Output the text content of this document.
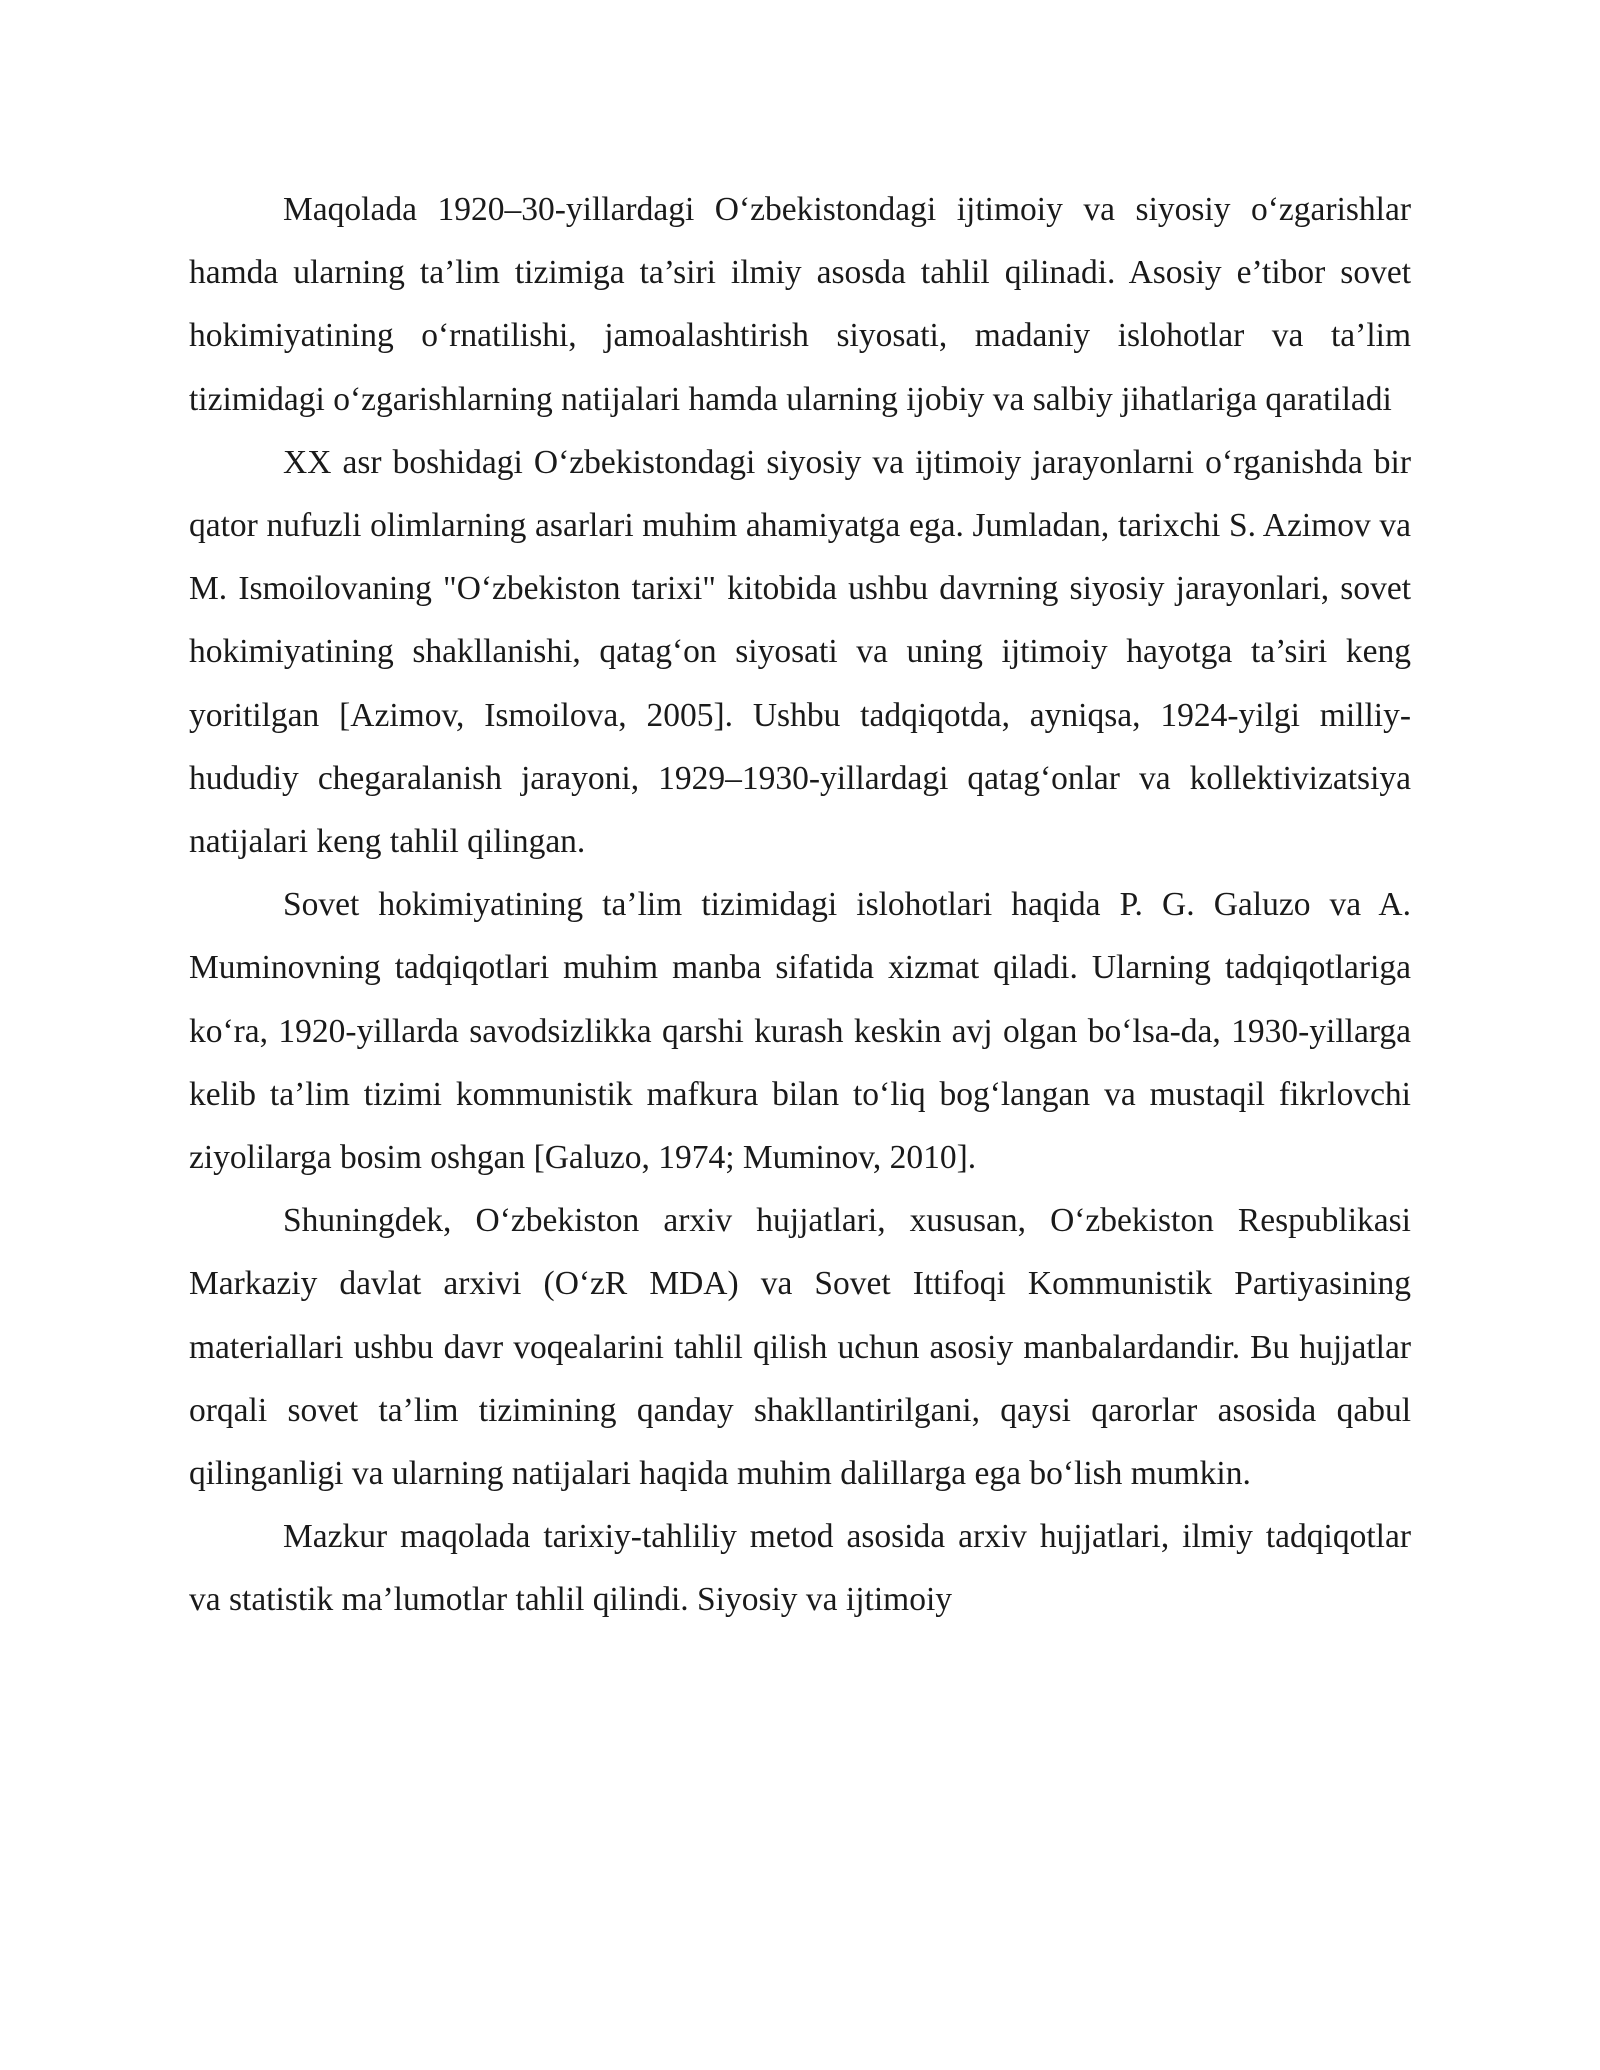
Maqolada 1920–30-yillardagi O‘zbekistondagi ijtimoiy va siyosiy o‘zgarishlar hamda ularning ta’lim tizimiga ta’siri ilmiy asosda tahlil qilinadi. Asosiy e’tibor sovet hokimiyatining o‘rnatilishi, jamoalashtirish siyosati, madaniy islohotlar va ta’lim tizimidagi o‘zgarishlarning natijalari hamda ularning ijobiy va salbiy jihatlariga qaratiladi

XX asr boshidagi O‘zbekistondagi siyosiy va ijtimoiy jarayonlarni o‘rganishda bir qator nufuzli olimlarning asarlari muhim ahamiyatga ega. Jumladan, tarixchi S. Azimov va M. Ismoilovaning "O‘zbekiston tarixi" kitobida ushbu davrning siyosiy jarayonlari, sovet hokimiyatining shakllanishi, qatag‘on siyosati va uning ijtimoiy hayotga ta’siri keng yoritilgan [Azimov, Ismoilova, 2005]. Ushbu tadqiqotda, ayniqsa, 1924-yilgi milliy-hududiy chegaralanish jarayoni, 1929–1930-yillardagi qatag‘onlar va kollektivizatsiya natijalari keng tahlil qilingan.

Sovet hokimiyatining ta’lim tizimidagi islohotlari haqida P. G. Galuzo va A. Muminovning tadqiqotlari muhim manba sifatida xizmat qiladi. Ularning tadqiqotlariga ko‘ra, 1920-yillarda savodsizlikka qarshi kurash keskin avj olgan bo‘lsa-da, 1930-yillarga kelib ta’lim tizimi kommunistik mafkura bilan to‘liq bog‘langan va mustaqil fikrlovchi ziyolilarga bosim oshgan [Galuzo, 1974; Muminov, 2010].

Shuningdek, O‘zbekiston arxiv hujjatlari, xususan, O‘zbekiston Respublikasi Markaziy davlat arxivi (O‘zR MDA) va Sovet Ittifoqi Kommunistik Partiyasining materiallari ushbu davr voqealarini tahlil qilish uchun asosiy manbalardandir. Bu hujjatlar orqali sovet ta’lim tizimining qanday shakllantirilgani, qaysi qarorlar asosida qabul qilinganligi va ularning natijalari haqida muhim dalillarga ega bo‘lish mumkin.

Mazkur maqolada tarixiy-tahliliy metod asosida arxiv hujjatlari, ilmiy tadqiqotlar va statistik ma’lumotlar tahlil qilindi. Siyosiy va ijtimoiy
